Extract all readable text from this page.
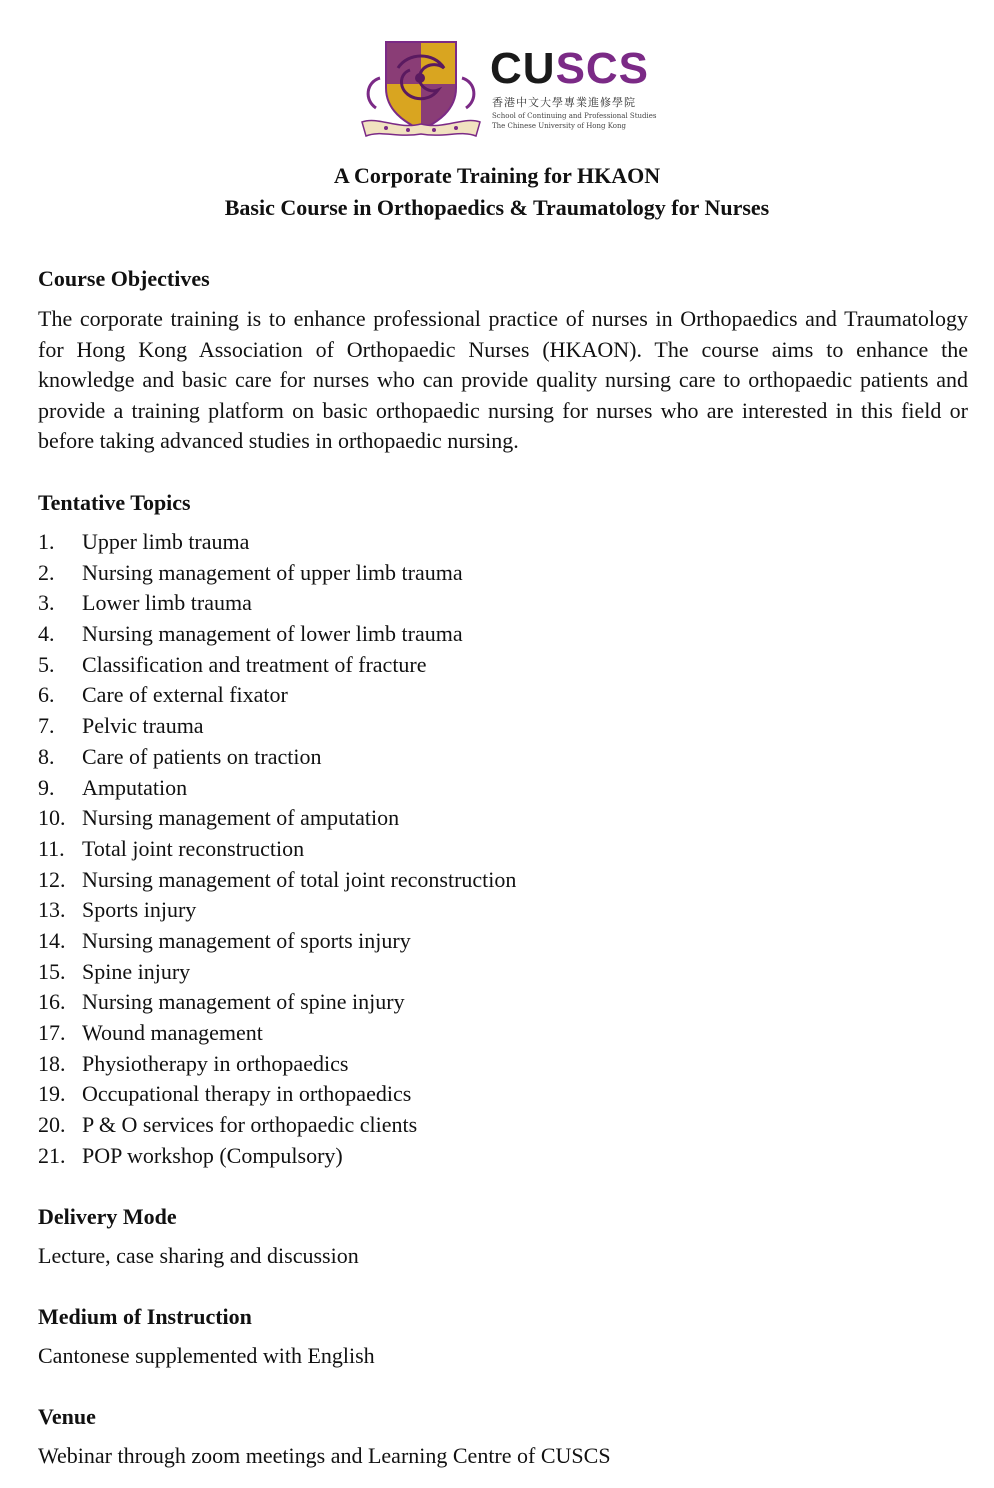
CUSCS
香港中文大學專業進修學院
School of Continuing and Professional Studies
The Chinese University of Hong Kong
A Corporate Training for HKAON
Basic Course in Orthopaedics & Traumatology for Nurses
Course Objectives
The corporate training is to enhance professional practice of nurses in Orthopaedics and Traumatology for Hong Kong Association of Orthopaedic Nurses (HKAON). The course aims to enhance the knowledge and basic care for nurses who can provide quality nursing care to orthopaedic patients and provide a training platform on basic orthopaedic nursing for nurses who are interested in this field or before taking advanced studies in orthopaedic nursing.
Tentative Topics
1. Upper limb trauma
2. Nursing management of upper limb trauma
3. Lower limb trauma
4. Nursing management of lower limb trauma
5. Classification and treatment of fracture
6. Care of external fixator
7. Pelvic trauma
8. Care of patients on traction
9. Amputation
10. Nursing management of amputation
11. Total joint reconstruction
12. Nursing management of total joint reconstruction
13. Sports injury
14. Nursing management of sports injury
15. Spine injury
16. Nursing management of spine injury
17. Wound management
18. Physiotherapy in orthopaedics
19. Occupational therapy in orthopaedics
20. P & O services for orthopaedic clients
21. POP workshop (Compulsory)
Delivery Mode
Lecture, case sharing and discussion
Medium of Instruction
Cantonese supplemented with English
Venue
Webinar through zoom meetings and Learning Centre of CUSCS
